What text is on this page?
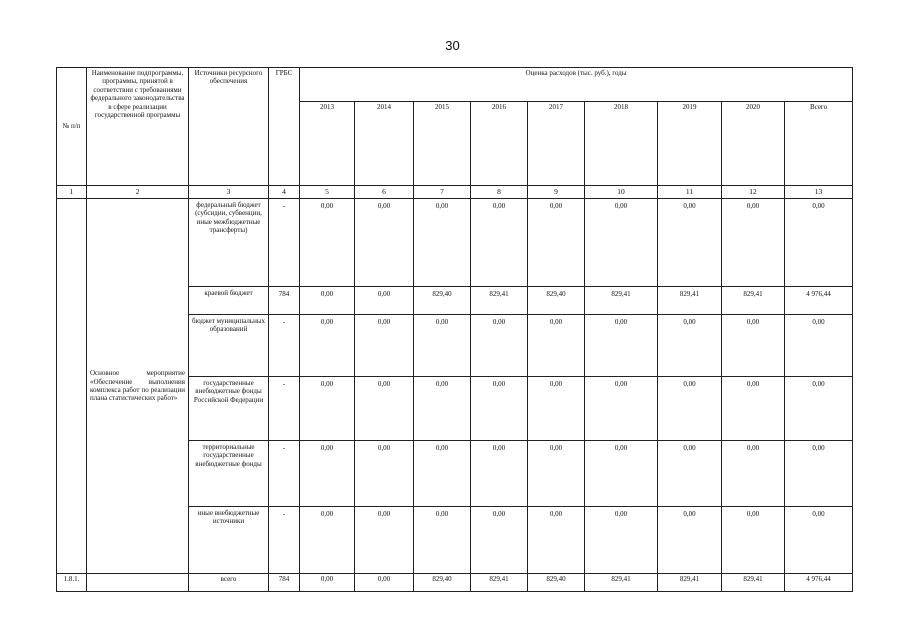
30
№ п/п	Наименование подпрограммы, программы, принятой в соответствии с требованиями федерального законодательства в сфере реализации государственной программы	Источники ресурсного обеспечения	ГРБС	Оценка расходов (тыс. руб.), годы								
				2013	2014	2015	2016	2017	2018	2019	2020	Всего
1	2	3	4	5	6	7	8	9	10	11	12	13
	Основное мероприятие «Обеспечение выполнения комплекса работ по реализации плана статистических работ»	федеральный бюджет (субсидии, субвенции, иные межбюджетные трансферты)	-	0,00	0,00	0,00	0,00	0,00	0,00	0,00	0,00	0,00
		краевой бюджет	784	0,00	0,00	829,40	829,41	829,40	829,41	829,41	829,41	4 976,44
		бюджет муниципальных образований	-	0,00	0,00	0,00	0,00	0,00	0,00	0,00	0,00	0,00
		государственные внебюджетные фонды Российской Федерации	-	0,00	0,00	0,00	0,00	0,00	0,00	0,00	0,00	0,00
		территориальные государственные внебюджетные фонды	-	0,00	0,00	0,00	0,00	0,00	0,00	0,00	0,00	0,00
		иные внебюджетные источники	-	0,00	0,00	0,00	0,00	0,00	0,00	0,00	0,00	0,00
1.8.1.		всего	784	0,00	0,00	829,40	829,41	829,40	829,41	829,41	829,41	4 976,44
